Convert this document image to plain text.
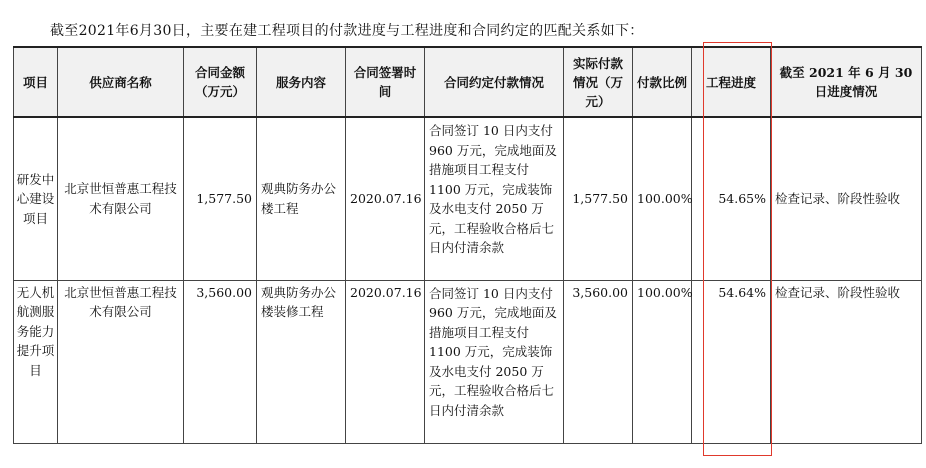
截至2021年6月30日，主要在建工程项目的付款进度与工程进度和合同约定的匹配关系如下：
项目	供应商名称	合同金额（万元）	服务内容	合同签署时间	合同约定付款情况	实际付款情况（万元）	付款比例	工程进度	截至 2021 年 6 月 30 日进度情况
研发中心建设项目	北京世恒普惠工程技术有限公司	1,577.50	观典防务办公楼工程	2020.07.16	合同签订 10 日内支付 960 万元，完成地面及措施项目工程支付 1100 万元，完成装饰及水电支付 2050 万元，工程验收合格后七日内付清余款	1,577.50	100.00%	54.65%	检查记录、阶段性验收
无人机航测服务能力提升项目	北京世恒普惠工程技术有限公司	3,560.00	观典防务办公楼装修工程	2020.07.16	合同签订 10 日内支付 960 万元，完成地面及措施项目工程支付 1100 万元，完成装饰及水电支付 2050 万元，工程验收合格后七日内付清余款	3,560.00	100.00%	54.64%	检查记录、阶段性验收
